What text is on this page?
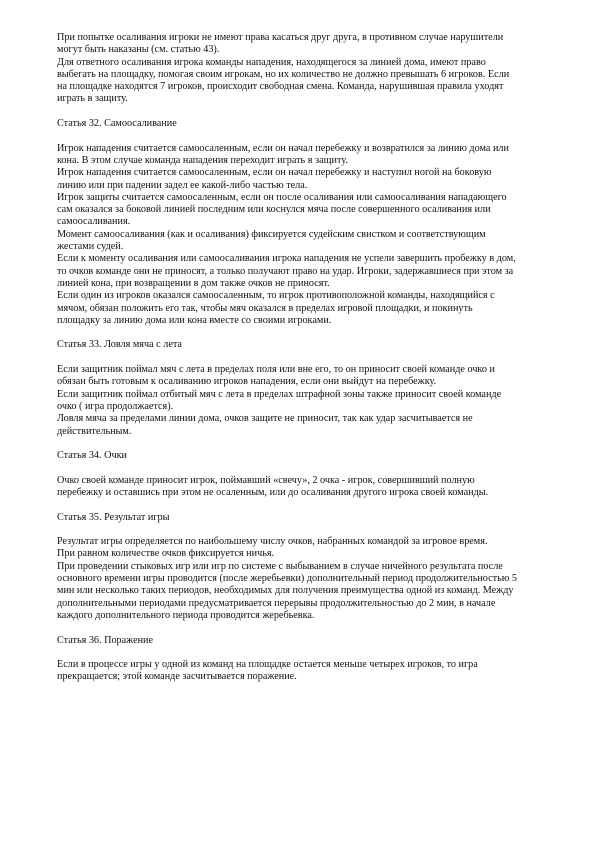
При попытке осаливания игроки не имеют права касаться друг друга, в противном случае нарушители
могут быть наказаны (см. статью 43).
Для ответного осаливания игрока команды нападения, находящегося за линией дома, имеют право
выбегать на площадку, помогая своим игрокам, но их количество не должно превышать 6 игроков. Если
на площадке находятся 7 игроков, происходит свободная смена. Команда, нарушившая правила уходят
играть в защиту.
Статья 32. Самоосаливание
Игрок нападения считается самоосаленным, если он начал перебежку и возвратился за линию дома или
кона. В этом случае команда нападения переходит играть в защиту.
Игрок нападения считается самоосаленным, если он начал перебежку и наступил ногой на боковую
линию или при падении задел ее какой-либо частью тела.
Игрок защиты считается самоосаленным, если он после осаливания или самоосаливания нападающего
сам оказался за боковой линией последним или коснулся мяча после совершенного осаливания или
самоосаливания.
Момент самоосаливания (как и осаливания) фиксируется судейским свистком и соответствующим
жестами судей.
Если к моменту осаливания или самоосаливания игрока нападения не успели завершить пробежку в дом,
то очков команде они не приносят, а только получают право на удар. Игроки, задержавшиеся при этом за
линией кона, при возвращении в дом также очков не приносят.
Если один из игроков оказался самоосаленным, то игрок противоположной команды, находящийся с
мячом, обязан положить его так, чтобы мяч оказался в пределах игровой площадки, и покинуть
площадку за линию дома или кона вместе со своими игроками.
Статья 33. Ловля мяча с лета
Если защитник поймал мяч с лета в пределах поля или вне его, то он приносит своей команде очко и
обязан быть готовым к осаливанию игроков нападения, если они выйдут на перебежку.
Если защитник поймал отбитый мяч с лета в пределах штрафной зоны также приносит своей команде
очко ( игра продолжается).
Ловля мяча за пределами линии дома, очков защите не приносит, так как удар засчитывается не
действительным.
Статья 34. Очки
Очко своей команде приносит игрок, поймавший «свечу», 2 очка - игрок, совершивший полную
перебежку и оставшись при этом не осаленным, или до осаливания другого игрока своей команды.
Статья 35. Результат игры
Результат игры определяется по наибольшему числу очков, набранных командой за игровое время.
При равном количестве очков фиксируется ничья.
При проведении стыковых игр или игр по системе с выбыванием в случае ничейного результата после
основного времени игры проводится (после жеребьевки) дополнительный период продолжительностью 5
мин или несколько таких периодов, необходимых для получения преимущества одной из команд. Между
дополнительными периодами предусматривается перерывы продолжительностью до 2 мин, в начале
каждого дополнительного периода проводится жеребьевка.
Статья 36. Поражение
Если в процессе игры у одной из команд на площадке остается меньше четырех игроков, то игра
прекращается; этой команде засчитывается поражение.
